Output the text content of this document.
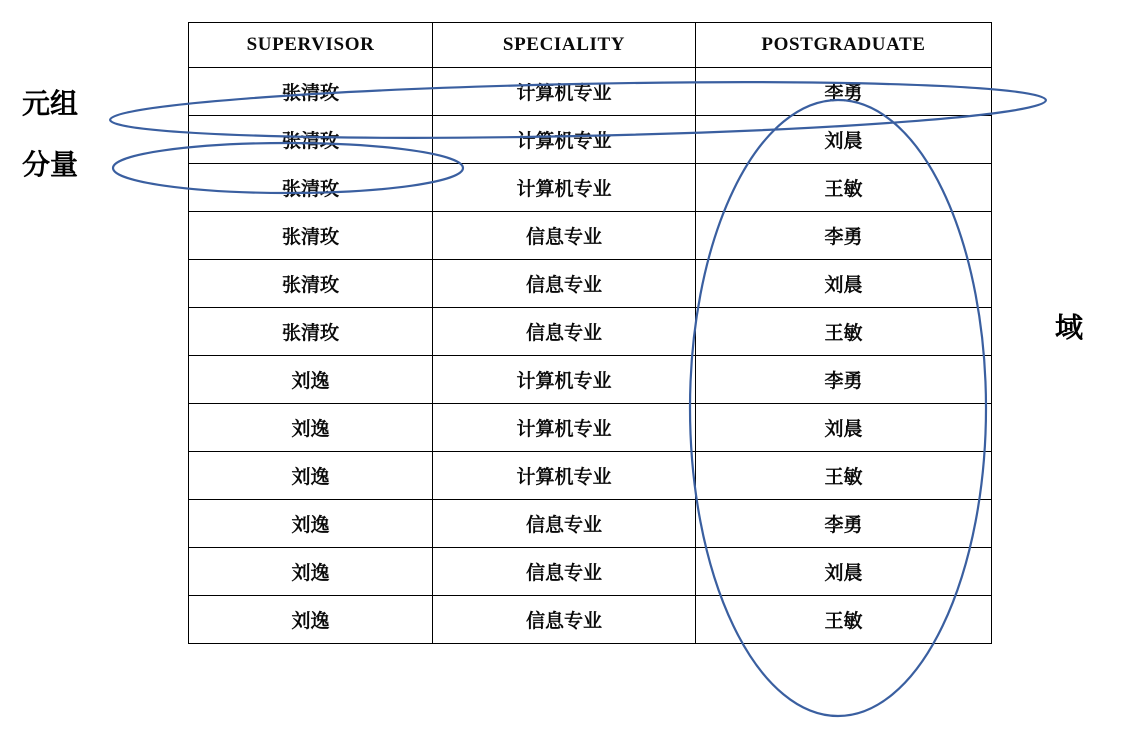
SUPERVISOR	SPECIALITY	POSTGRADUATE
张清玫	计算机专业	李勇
张清玫	计算机专业	刘晨
张清玫	计算机专业	王敏
张清玫	信息专业	李勇
张清玫	信息专业	刘晨
张清玫	信息专业	王敏
刘逸	计算机专业	李勇
刘逸	计算机专业	刘晨
刘逸	计算机专业	王敏
刘逸	信息专业	李勇
刘逸	信息专业	刘晨
刘逸	信息专业	王敏
元组
分量
域
